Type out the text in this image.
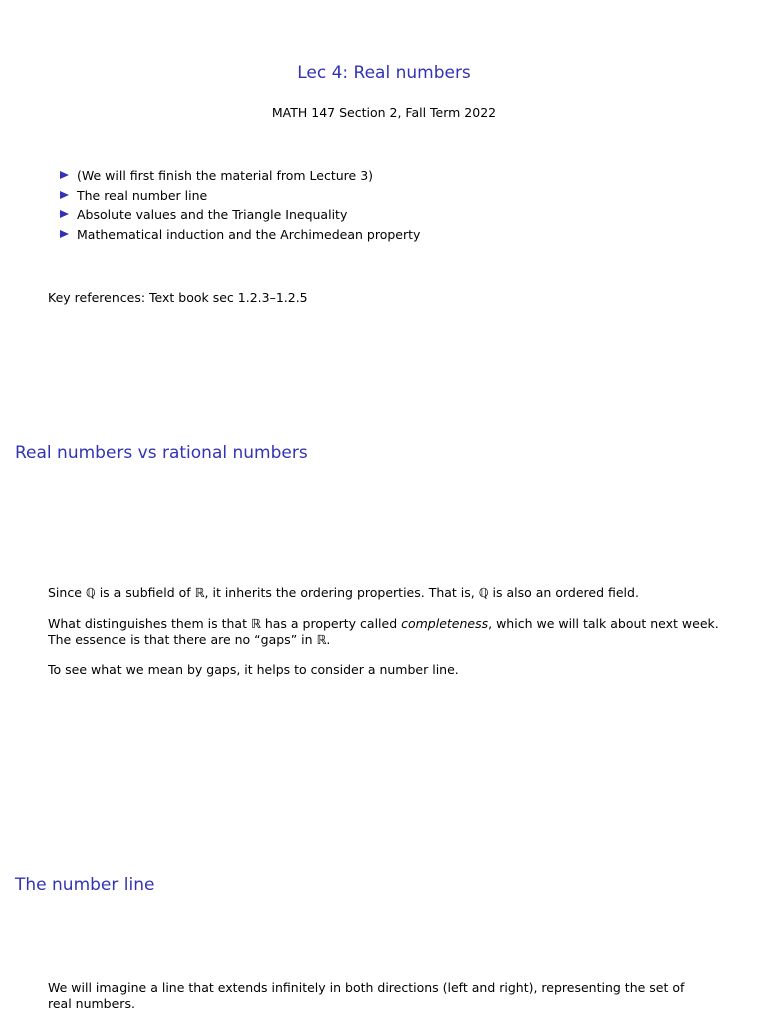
Lec 4: Real numbers
MATH 147 Section 2, Fall Term 2022
(We will first finish the material from Lecture 3)
The real number line
Absolute values and the Triangle Inequality
Mathematical induction and the Archimedean property
Key references: Text book sec 1.2.3–1.2.5
Real numbers vs rational numbers
Since ℚ is a subfield of ℝ, it inherits the ordering properties. That is, ℚ is also an ordered field.
What distinguishes them is that ℝ has a property called completeness, which we will talk about next week. The essence is that there are no “gaps” in ℝ.
To see what we mean by gaps, it helps to consider a number line.
The number line
We will imagine a line that extends infinitely in both directions (left and right), representing the set of real numbers.
